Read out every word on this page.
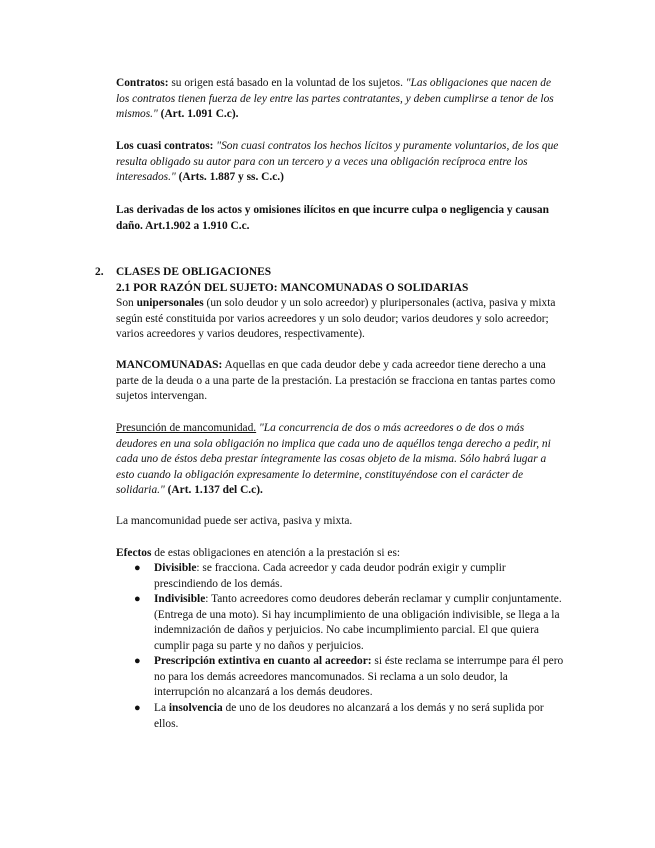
Contratos: su origen está basado en la voluntad de los sujetos. "Las obligaciones que nacen de
los contratos tienen fuerza de ley entre las partes contratantes, y deben cumplirse a tenor de los
mismos." (Art. 1.091 C.c).
Los cuasi contratos: "Son cuasi contratos los hechos lícitos y puramente voluntarios, de los que
resulta obligado su autor para con un tercero y a veces una obligación recíproca entre los
interesados." (Arts. 1.887 y ss. C.c.)
Las derivadas de los actos y omisiones ilícitos en que incurre culpa o negligencia y causan
daño. Art.1.902 a 1.910 C.c.
2. CLASES DE OBLIGACIONES
2.1 POR RAZÓN DEL SUJETO: MANCOMUNADAS O SOLIDARIAS
Son unipersonales (un solo deudor y un solo acreedor) y pluripersonales (activa, pasiva y mixta
según esté constituida por varios acreedores y un solo deudor; varios deudores y solo acreedor;
varios acreedores y varios deudores, respectivamente).
MANCOMUNADAS: Aquellas en que cada deudor debe y cada acreedor tiene derecho a una
parte de la deuda o a una parte de la prestación. La prestación se fracciona en tantas partes como
sujetos intervengan.
Presunción de mancomunidad. "La concurrencia de dos o más acreedores o de dos o más
deudores en una sola obligación no implica que cada uno de aquéllos tenga derecho a pedir, ni
cada uno de éstos deba prestar íntegramente las cosas objeto de la misma. Sólo habrá lugar a
esto cuando la obligación expresamente lo determine, constituyéndose con el carácter de
solidaria." (Art. 1.137 del C.c).
La mancomunidad puede ser activa, pasiva y mixta.
Efectos de estas obligaciones en atención a la prestación si es:
●	Divisible: se fracciona. Cada acreedor y cada deudor podrán exigir y cumplir
prescindiendo de los demás.
●	Indivisible: Tanto acreedores como deudores deberán reclamar y cumplir conjuntamente.
(Entrega de una moto). Si hay incumplimiento de una obligación indivisible, se llega a la
indemnización de daños y perjuicios. No cabe incumplimiento parcial. El que quiera
cumplir paga su parte y no daños y perjuicios.
●	Prescripción extintiva en cuanto al acreedor: si éste reclama se interrumpe para él pero
no para los demás acreedores mancomunados. Si reclama a un solo deudor, la
interrupción no alcanzará a los demás deudores.
●	La insolvencia de uno de los deudores no alcanzará a los demás y no será suplida por
ellos.
